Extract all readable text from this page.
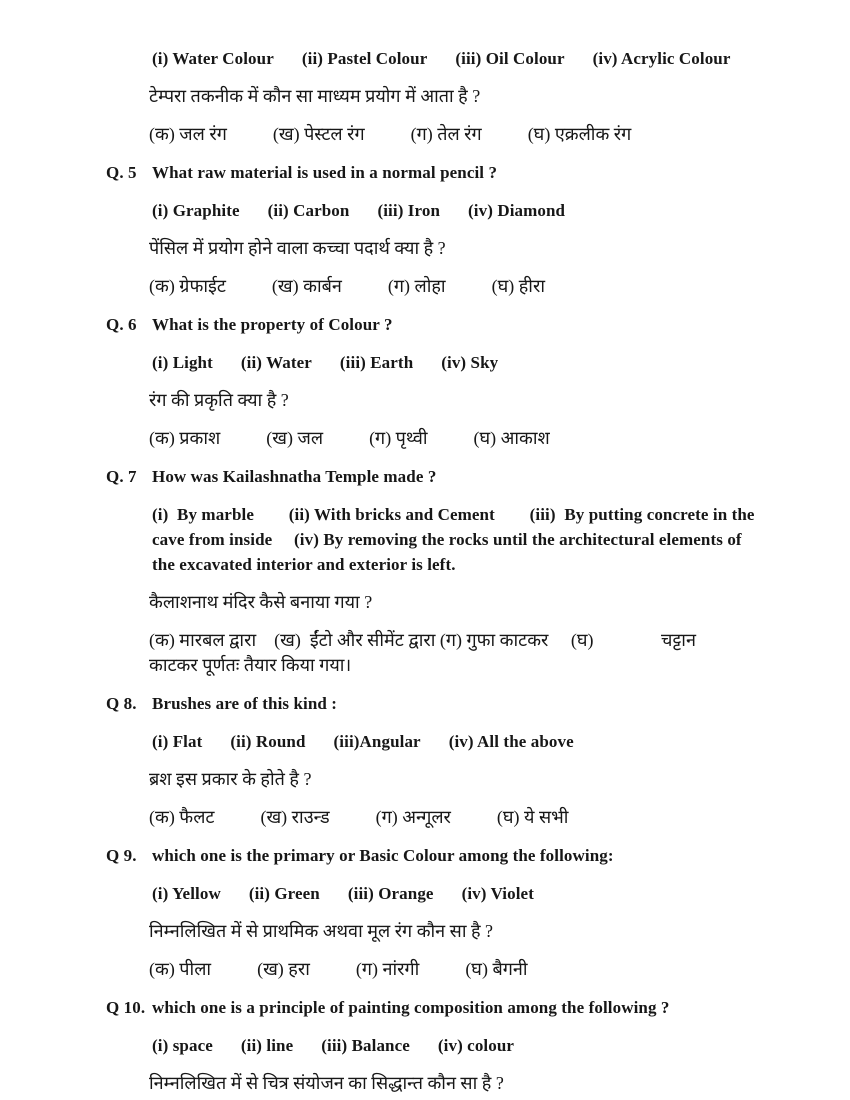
(i) Water Colour (ii) Pastel Colour (iii) Oil Colour (iv) Acrylic Colour
टेम्परा तकनीक में कौन सा माध्यम प्रयोग में आता है ?
(क) जल रंग	(ख) पेस्टल रंग	(ग) तेल रंग	(घ) एक्रलीक रंग
Q. 5 What raw material is used in a normal pencil ?
(i) Graphite (ii) Carbon (iii) Iron (iv) Diamond
पेंसिल में प्रयोग होने वाला कच्चा पदार्थ क्या है ?
(क) ग्रेफाईट	(ख) कार्बन	(ग) लोहा	(घ) हीरा
Q. 6 What is the property of Colour ?
(i) Light (ii) Water (iii) Earth (iv) Sky
रंग की प्रकृति क्या है ?
(क) प्रकाश	(ख) जल	(ग) पृथ्वी	(घ) आकाश
Q. 7 How was Kailashnatha Temple made ?
(i)  By marble        (ii) With bricks and Cement        (iii)  By putting concrete in the
cave from inside     (iv) By removing the rocks until the architectural elements of
the excavated interior and exterior is left.
कैलाशनाथ मंदिर कैसे बनाया गया ?
(क) मारबल द्वारा    (ख)  ईंटो और सीमेंट द्वारा (ग) गुफा काटकर     (घ)               चट्टान
काटकर पूर्णतः तैयार किया गया।
Q 8. Brushes are of this kind :
(i) Flat (ii) Round (iii)Angular (iv) All the above
ब्रश इस प्रकार के होते है ?
(क) फैलट	(ख) राउन्ड	(ग) अन्गूलर	(घ) ये सभी
Q 9. which one is the primary or Basic Colour among the following:
(i) Yellow (ii) Green (iii) Orange (iv) Violet
निम्नलिखित में से प्राथमिक अथवा मूल रंग कौन सा है ?
(क) पीला	(ख) हरा	(ग) नांरगी	(घ) बैगनी
Q 10. which one is a principle of painting composition among the following ?
(i) space (ii) line (iii) Balance (iv) colour
निम्नलिखित में से चित्र संयोजन का सिद्धान्त कौन सा है ?
